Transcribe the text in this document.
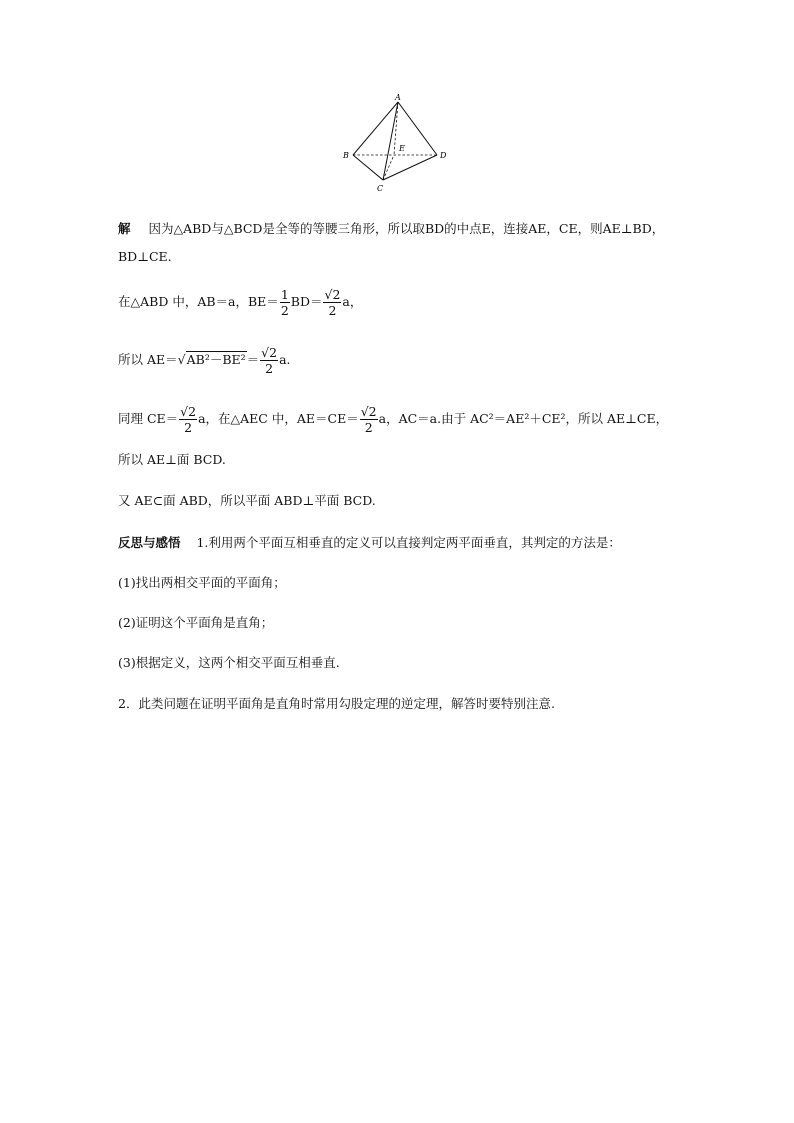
A
B
C
D
E
解 因为△ABD与△BCD是全等的等腰三角形，所以取BD的中点E，连接AE，CE，则AE⊥BD，
BD⊥CE.
在△ABD 中，AB＝a，$BE= \frac{1}{2} BD= \frac{√2}{2}$ a，
所以 $AE=√AB^2-BE^2= \frac{√2}{2} a$.
同理 $CE= \frac{√2}{2}$ a，在△AEC 中，$AE=CE= \frac{√2}{2}$ a，AC＝a.由于 AC²＝AE²＋CE²，所以 AE⊥CE，
所以 AE⊥面 BCD.
又 AE⊂面 ABD，所以平面 ABD⊥平面 BCD.
反思与感悟 1.利用两个平面互相垂直的定义可以直接判定两平面垂直，其判定的方法是：
(1)找出两相交平面的平面角；
(2)证明这个平面角是直角；
(3)根据定义，这两个相交平面互相垂直.
2．此类问题在证明平面角是直角时常用勾股定理的逆定理，解答时要特别注意.
